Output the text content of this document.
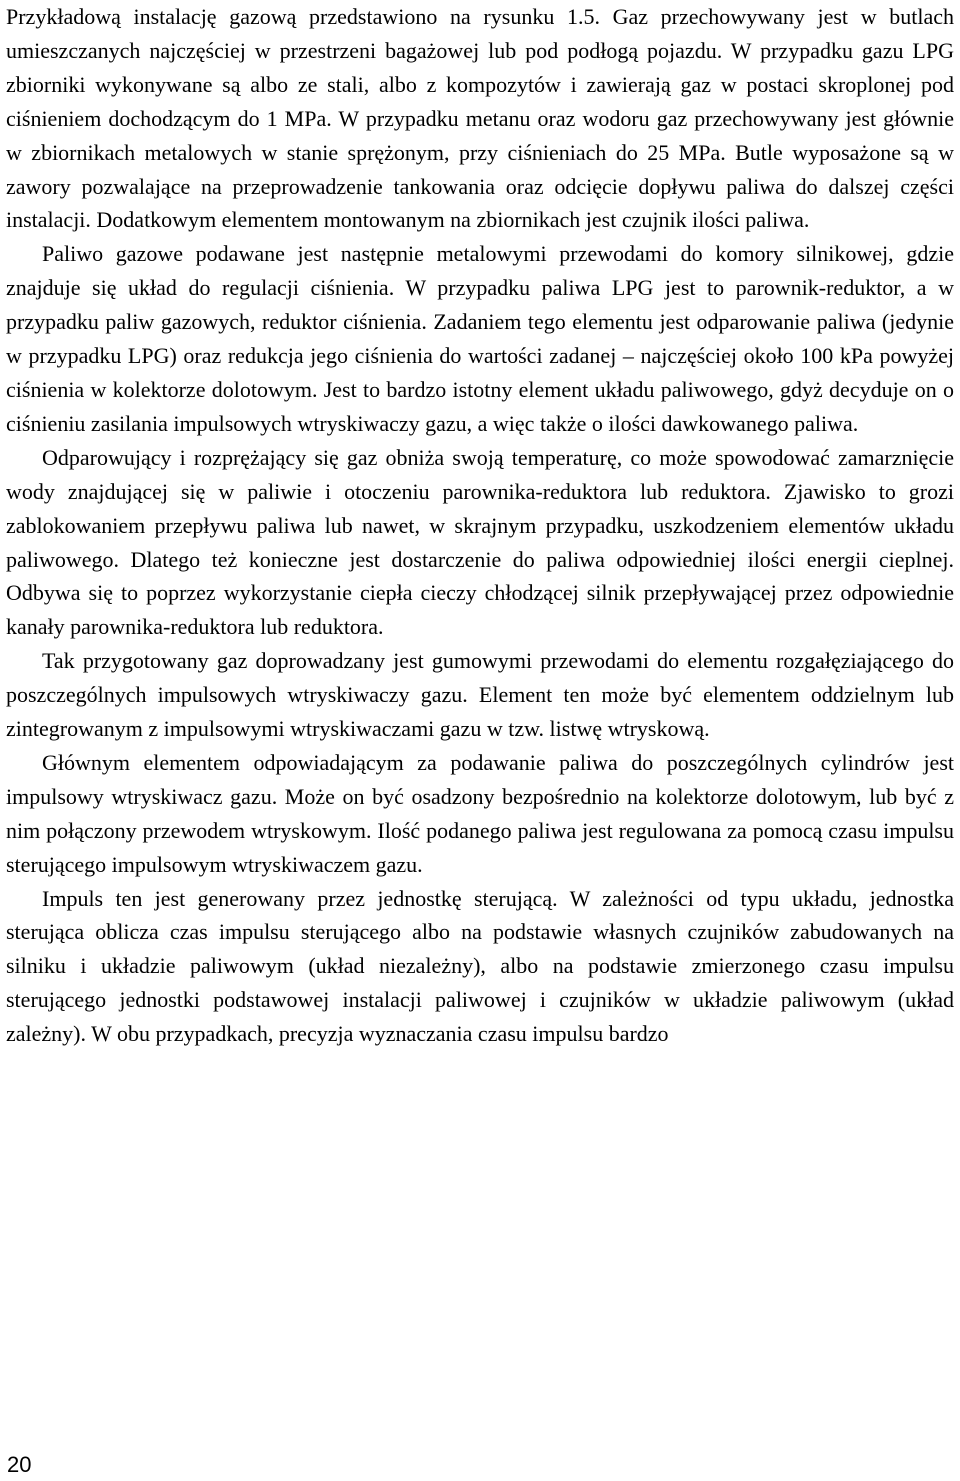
Przykładową instalację gazową przedstawiono na rysunku 1.5. Gaz przechowywany jest w butlach umieszczanych najczęściej w przestrzeni bagażowej lub pod podłogą pojazdu. W przypadku gazu LPG zbiorniki wykonywane są albo ze stali, albo z kompozytów i zawierają gaz w postaci skroplonej pod ciśnieniem dochodzącym do 1 MPa. W przypadku metanu oraz wodoru gaz przechowywany jest głównie w zbiornikach metalowych w stanie sprężonym, przy ciśnieniach do 25 MPa. Butle wyposażone są w zawory pozwalające na przeprowadzenie tankowania oraz odcięcie dopływu paliwa do dalszej części instalacji. Dodatkowym elementem montowanym na zbiornikach jest czujnik ilości paliwa.

Paliwo gazowe podawane jest następnie metalowymi przewodami do komory silnikowej, gdzie znajduje się układ do regulacji ciśnienia. W przypadku paliwa LPG jest to parownik-reduktor, a w przypadku paliw gazowych, reduktor ciśnienia. Zadaniem tego elementu jest odparowanie paliwa (jedynie w przypadku LPG) oraz redukcja jego ciśnienia do wartości zadanej – najczęściej około 100 kPa powyżej ciśnienia w kolektorze dolotowym. Jest to bardzo istotny element układu paliwowego, gdyż decyduje on o ciśnieniu zasilania impulsowych wtryskiwaczy gazu, a więc także o ilości dawkowanego paliwa.

Odparowujący i rozprężający się gaz obniża swoją temperaturę, co może spowodować zamarznięcie wody znajdującej się w paliwie i otoczeniu parownika-reduktora lub reduktora. Zjawisko to grozi zablokowaniem przepływu paliwa lub nawet, w skrajnym przypadku, uszkodzeniem elementów układu paliwowego. Dlatego też konieczne jest dostarczenie do paliwa odpowiedniej ilości energii cieplnej. Odbywa się to poprzez wykorzystanie ciepła cieczy chłodzącej silnik przepływającej przez odpowiednie kanały parownika-reduktora lub reduktora.

Tak przygotowany gaz doprowadzany jest gumowymi przewodami do elementu rozgałęziającego do poszczególnych impulsowych wtryskiwaczy gazu. Element ten może być elementem oddzielnym lub zintegrowanym z impulsowymi wtryskiwaczami gazu w tzw. listwę wtryskową.

Głównym elementem odpowiadającym za podawanie paliwa do poszczególnych cylindrów jest impulsowy wtryskiwacz gazu. Może on być osadzony bezpośrednio na kolektorze dolotowym, lub być z nim połączony przewodem wtryskowym. Ilość podanego paliwa jest regulowana za pomocą czasu impulsu sterującego impulsowym wtryskiwaczem gazu.

Impuls ten jest generowany przez jednostkę sterującą. W zależności od typu układu, jednostka sterująca oblicza czas impulsu sterującego albo na podstawie własnych czujników zabudowanych na silniku i układzie paliwowym (układ niezależny), albo na podstawie zmierzonego czasu impulsu sterującego jednostki podstawowej instalacji paliwowej i czujników w układzie paliwowym (układ zależny). W obu przypadkach, precyzja wyznaczania czasu impulsu bardzo

20
